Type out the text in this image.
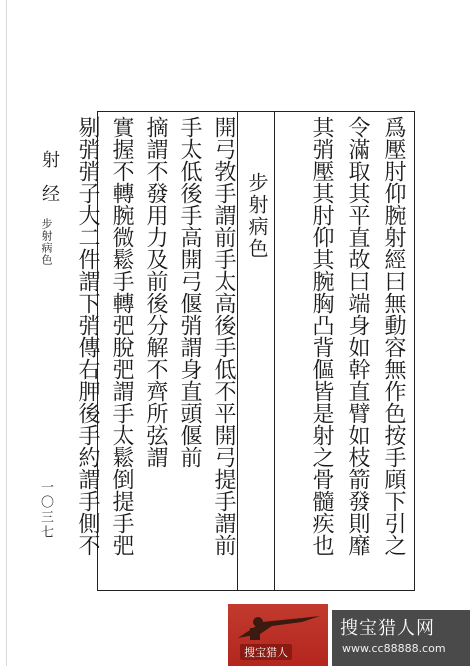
射经
步射病色
一〇三七	爲壓肘仰腕射經曰無動容無作色按手頋下引之
令滿取其平直故曰端身如幹直臂如枝箭發則靡
其弰壓其肘仰其腕胸凸背傴皆是射之骨髓疾也
步射病色
開弓㪍手謂前手太高後手低不平開弓提手謂前
手太低後手高開弓偃弰謂身直頭偃前
摘謂不發用力及前後分解不齊所弦謂
實握不轉腕微鬆手轉弝脫弝謂手太鬆倒提手弝
剔弰弰子大二件謂下弰傳右胛後手約謂手側不
搜宝猎人
搜宝猎人网
www.cc88888.com
